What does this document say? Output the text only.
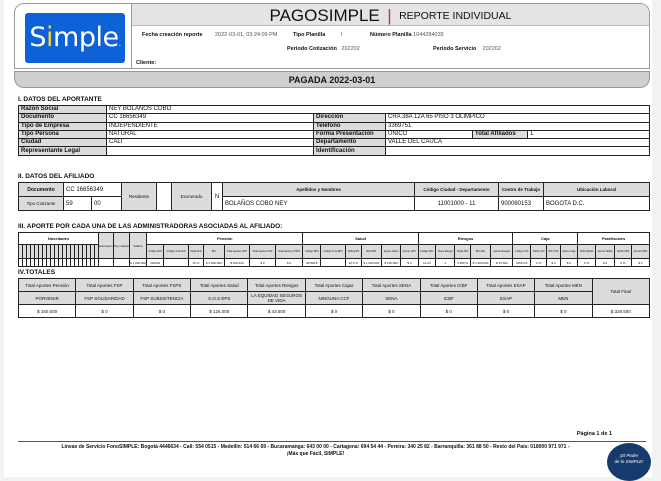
Simple.
PAGOSIMPLE | REPORTE INDIVIDUAL
Fecha creación reporte 2022-03-01, 03:24:09 PM	Tipo Planilla	I	Número Planilla 1044284035
Periodo Cotización 202202	Periodo Servicio 202202
Cliente:
PAGADA 2022-03-01
I. DATOS DEL APORTANTE
Razón Social	NEY BOLANOS COBO				
Documento	CC 16656349	Dirección	CRA 38A 12A 65 PISO 3 OLIMPICO		
Tipo de Empresa	INDEPENDIENTE	Teléfono	3369751		
Tipo Persona	NATURAL	Forma Presentación	ÚNICO	Total Afiliados	1
Ciudad	CALI	Departamento	VALLE DEL CAUCA		
Representante Legal		Identificación			
II. DATOS DEL AFILIADO
Documento	CC 16656349		Residente		Exonerado	N	Apellidos y Nombres	Código Ciudad - Departamento	Centro de Trabajo	Ubicación Laboral
Tipo Cotizante	59	00					BOLAÑOS COBO NEY	11001000 - 11	900060153	BOGOTA D.C.
III. APORTE POR CADA UNA DE LAS ADMINISTRADORAS ASOCIADAS AL AFILIADO:
Novedades																				Extranjero	Tipo salario	Salario	Pensión							Salud						Riesgos					Caja				Parafiscales			
																							Código AFP	Código Tras AFP	Tarifa AFP	IBC	Total Aportes AFP	Total Aportes FSP	Total Aportes FSPS	Código EPS	Código Tras EPS	Tarifa EPS	IBC EPS	Aporte Salud	Aporte UPC	Código ARL	Clase Riesgo	Tarifa ARL	IBC ARL	Aporte Riesgos	Código CCF	Tarifa CCF	IBC CCF	Aporte Caja	Tarifa SENA	Aporte SENA	Tarifa ICBF	Aporte ICBF
																						$ 1.000.000	230201		16 %	$ 1.000.000	$ 160.000	$ 0	$ 0	EPS018		12.5 %	$ 1.000.000	$ 125.000	$ 0	14-23	4	4.350 %	$ 1.000.000	$ 43.500	NINCCF	0 %	$ 0	$ 0	0 %	$ 0	0 %	$ 0
IV.TOTALES
Total Aportes Pensión	Total Aportes FSP	Total Aportes FSPS	Total Aportes Salud	Total Aportes Riesgos	Total Aportes Cajas	Total Aportes SENA	Total Aportes ICBF	Total Aportes ESAP	Total Aportes MEN	Total Final
PORVENIR	FSP SOLIDARIDAD	FSP SUBSISTENCIA	S.O.S EPS	LA EQUIDAD SEGUROS DE VIDA	NINGUNA CCF	SENA	ICBF	ESAP	MEN	
$ 160.000	$ 0	$ 0	$ 125.000	$ 43.500	$ 0	$ 0	$ 0	$ 0	$ 0	$ 328.500
Página 1 de 1
Líneas de Servicio FonoSIMPLE: Bogotá 4446634 - Cali: 554 0515 - Medellín: 514 66 69 - Bucaramanga: 643 00 00 - Cartagena: 694 54 44 - Pereira: 340 25 82 - Barranquilla: 361 88 50 - Resto del País: 018000 971 971 -
¡Más que Fácil, SIMPLE!	¡El Poder
de lo SIMPLE!
